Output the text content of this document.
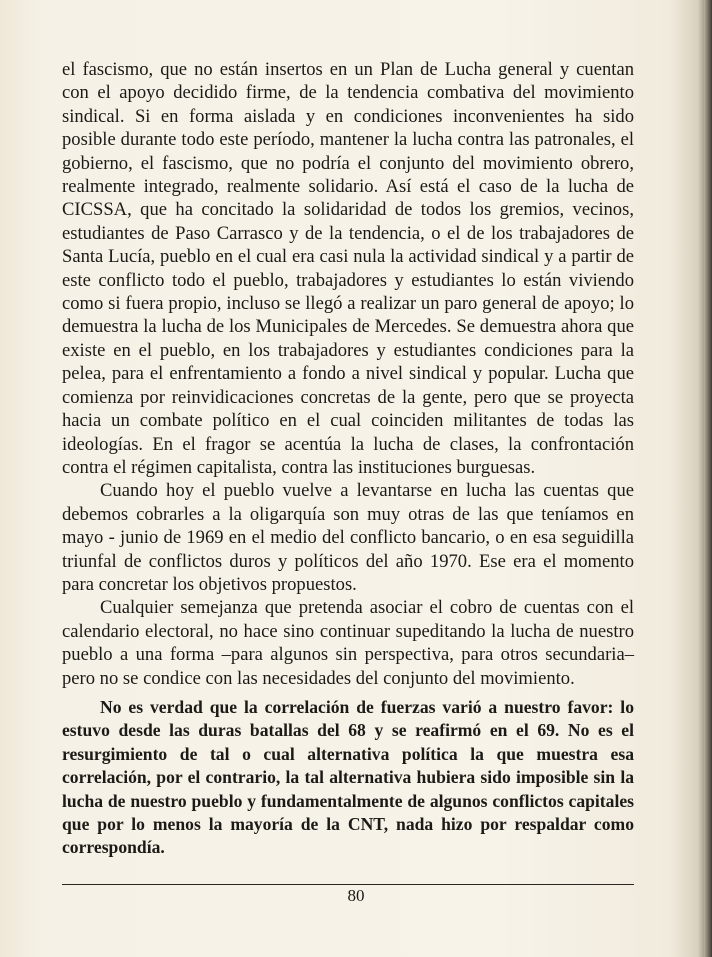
el fascismo, que no están insertos en un Plan de Lucha general y cuentan con el apoyo decidido firme, de la tendencia combativa del movimiento sindical. Si en forma aislada y en condiciones inconvenientes ha sido posible durante todo este período, mantener la lucha contra las patronales, el gobierno, el fascismo, que no podría el conjunto del movimiento obrero, realmente integrado, realmente solidario. Así está el caso de la lucha de CICSSA, que ha concitado la solidaridad de todos los gremios, vecinos, estudiantes de Paso Carrasco y de la tendencia, o el de los trabajadores de Santa Lucía, pueblo en el cual era casi nula la actividad sindical y a partir de este conflicto todo el pueblo, trabajadores y estudiantes lo están viviendo como si fuera propio, incluso se llegó a realizar un paro general de apoyo; lo demuestra la lucha de los Municipales de Mercedes. Se demuestra ahora que existe en el pueblo, en los trabajadores y estudiantes condiciones para la pelea, para el enfrentamiento a fondo a nivel sindical y popular. Lucha que comienza por reinvidicaciones concretas de la gente, pero que se proyecta hacia un combate político en el cual coinciden militantes de todas las ideologías. En el fragor se acentúa la lucha de clases, la confrontación contra el régimen capitalista, contra las instituciones burguesas.

Cuando hoy el pueblo vuelve a levantarse en lucha las cuentas que debemos cobrarles a la oligarquía son muy otras de las que teníamos en mayo - junio de 1969 en el medio del conflicto bancario, o en esa seguidilla triunfal de conflictos duros y políticos del año 1970. Ese era el momento para concretar los objetivos propuestos.

Cualquier semejanza que pretenda asociar el cobro de cuentas con el calendario electoral, no hace sino continuar supeditando la lucha de nuestro pueblo a una forma –para algunos sin perspectiva, para otros secundaria– pero no se condice con las necesidades del conjunto del movimiento.

No es verdad que la correlación de fuerzas varió a nuestro favor: lo estuvo desde las duras batallas del 68 y se reafirmó en el 69. No es el resurgimiento de tal o cual alternativa política la que muestra esa correlación, por el contrario, la tal alternativa hubiera sido imposible sin la lucha de nuestro pueblo y fundamentalmente de algunos conflictos capitales que por lo menos la mayoría de la CNT, nada hizo por respaldar como correspondía.

80
